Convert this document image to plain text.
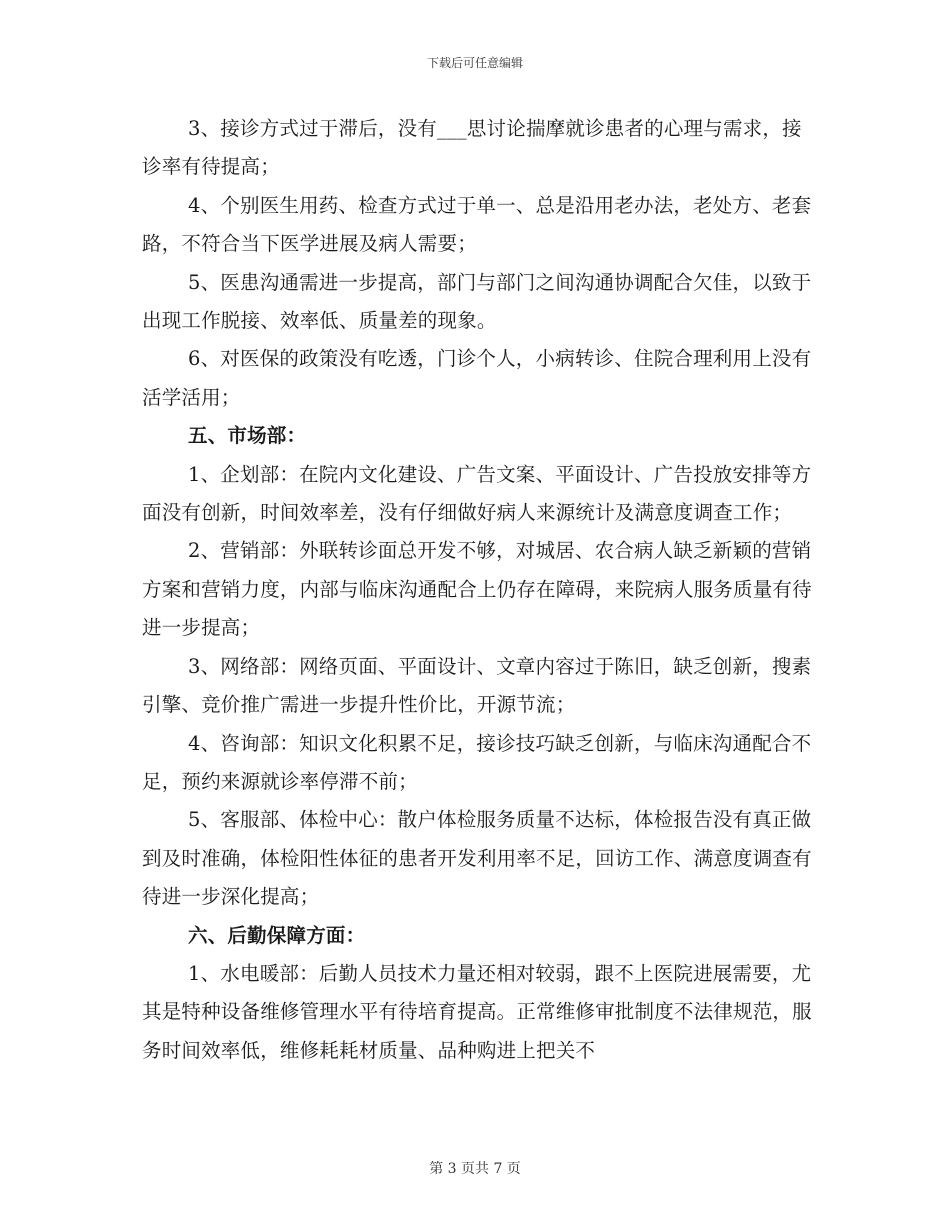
下载后可任意编辑

3、接诊方式过于滞后，没有___思讨论揣摩就诊患者的心理与需求，接诊率有待提高；

4、个别医生用药、检查方式过于单一、总是沿用老办法，老处方、老套路，不符合当下医学进展及病人需要；

5、医患沟通需进一步提高，部门与部门之间沟通协调配合欠佳，以致于出现工作脱接、效率低、质量差的现象。

6、对医保的政策没有吃透，门诊个人，小病转诊、住院合理利用上没有活学活用；

五、市场部：

1、企划部：在院内文化建设、广告文案、平面设计、广告投放安排等方面没有创新，时间效率差，没有仔细做好病人来源统计及满意度调查工作；

2、营销部：外联转诊面总开发不够，对城居、农合病人缺乏新颖的营销方案和营销力度，内部与临床沟通配合上仍存在障碍，来院病人服务质量有待进一步提高；

3、网络部：网络页面、平面设计、文章内容过于陈旧，缺乏创新，搜素引擎、竞价推广需进一步提升性价比，开源节流；

4、咨询部：知识文化积累不足，接诊技巧缺乏创新，与临床沟通配合不足，预约来源就诊率停滞不前；

5、客服部、体检中心：散户体检服务质量不达标，体检报告没有真正做到及时准确，体检阳性体征的患者开发利用率不足，回访工作、满意度调查有待进一步深化提高；

六、后勤保障方面：

1、水电暖部：后勤人员技术力量还相对较弱，跟不上医院进展需要，尤其是特种设备维修管理水平有待培育提高。正常维修审批制度不法律规范，服务时间效率低，维修耗耗材质量、品种购进上把关不

第 3 页共 7 页
